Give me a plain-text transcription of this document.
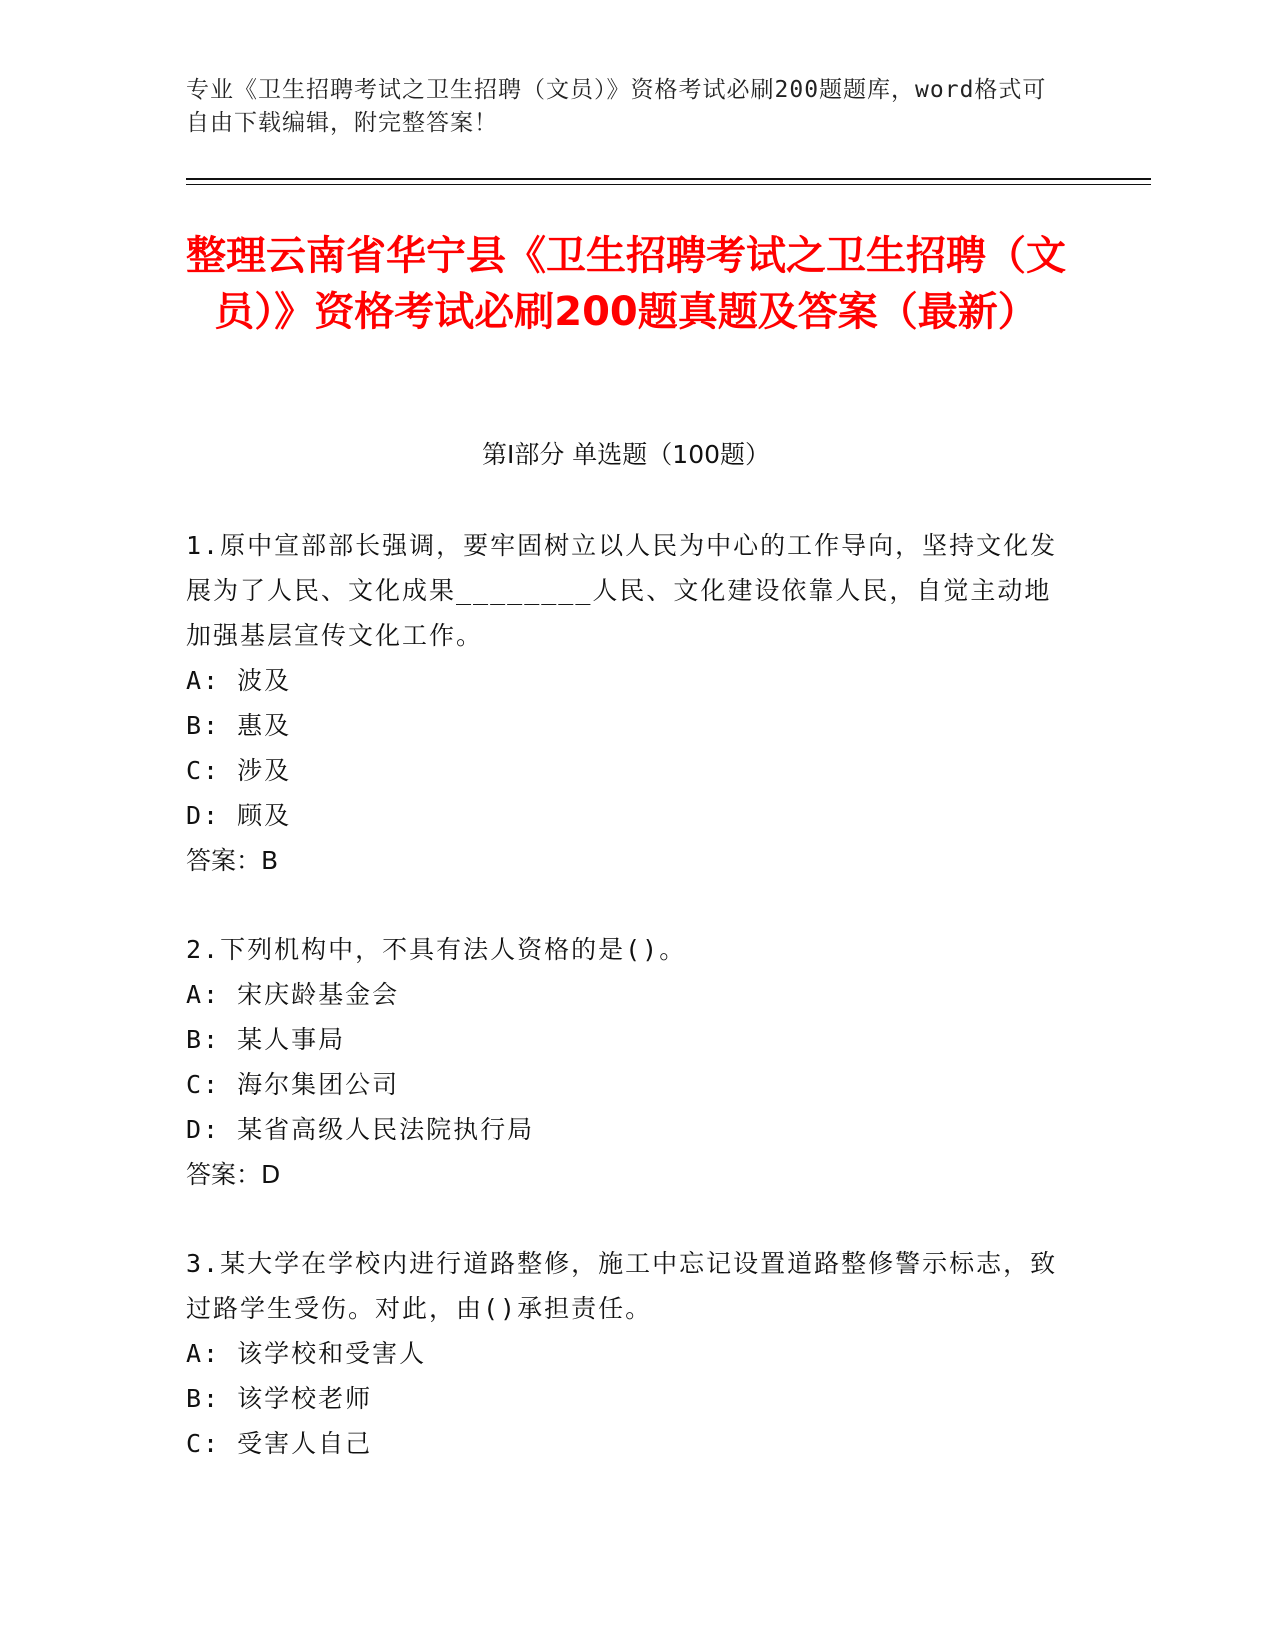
专业《卫生招聘考试之卫生招聘（文员）》资格考试必刷200题题库，word格式可自由下载编辑，附完整答案！
整理云南省华宁县《卫生招聘考试之卫生招聘（文员）》资格考试必刷200题真题及答案（最新）
第I部分 单选题（100题）
1.原中宣部部长强调，要牢固树立以人民为中心的工作导向，坚持文化发展为了人民、文化成果________人民、文化建设依靠人民，自觉主动地加强基层宣传文化工作。
A: 波及
B: 惠及
C: 涉及
D: 顾及
答案：B
2.下列机构中，不具有法人资格的是()。
A: 宋庆龄基金会
B: 某人事局
C: 海尔集团公司
D: 某省高级人民法院执行局
答案：D
3.某大学在学校内进行道路整修，施工中忘记设置道路整修警示标志，致过路学生受伤。对此，由()承担责任。
A: 该学校和受害人
B: 该学校老师
C: 受害人自己
